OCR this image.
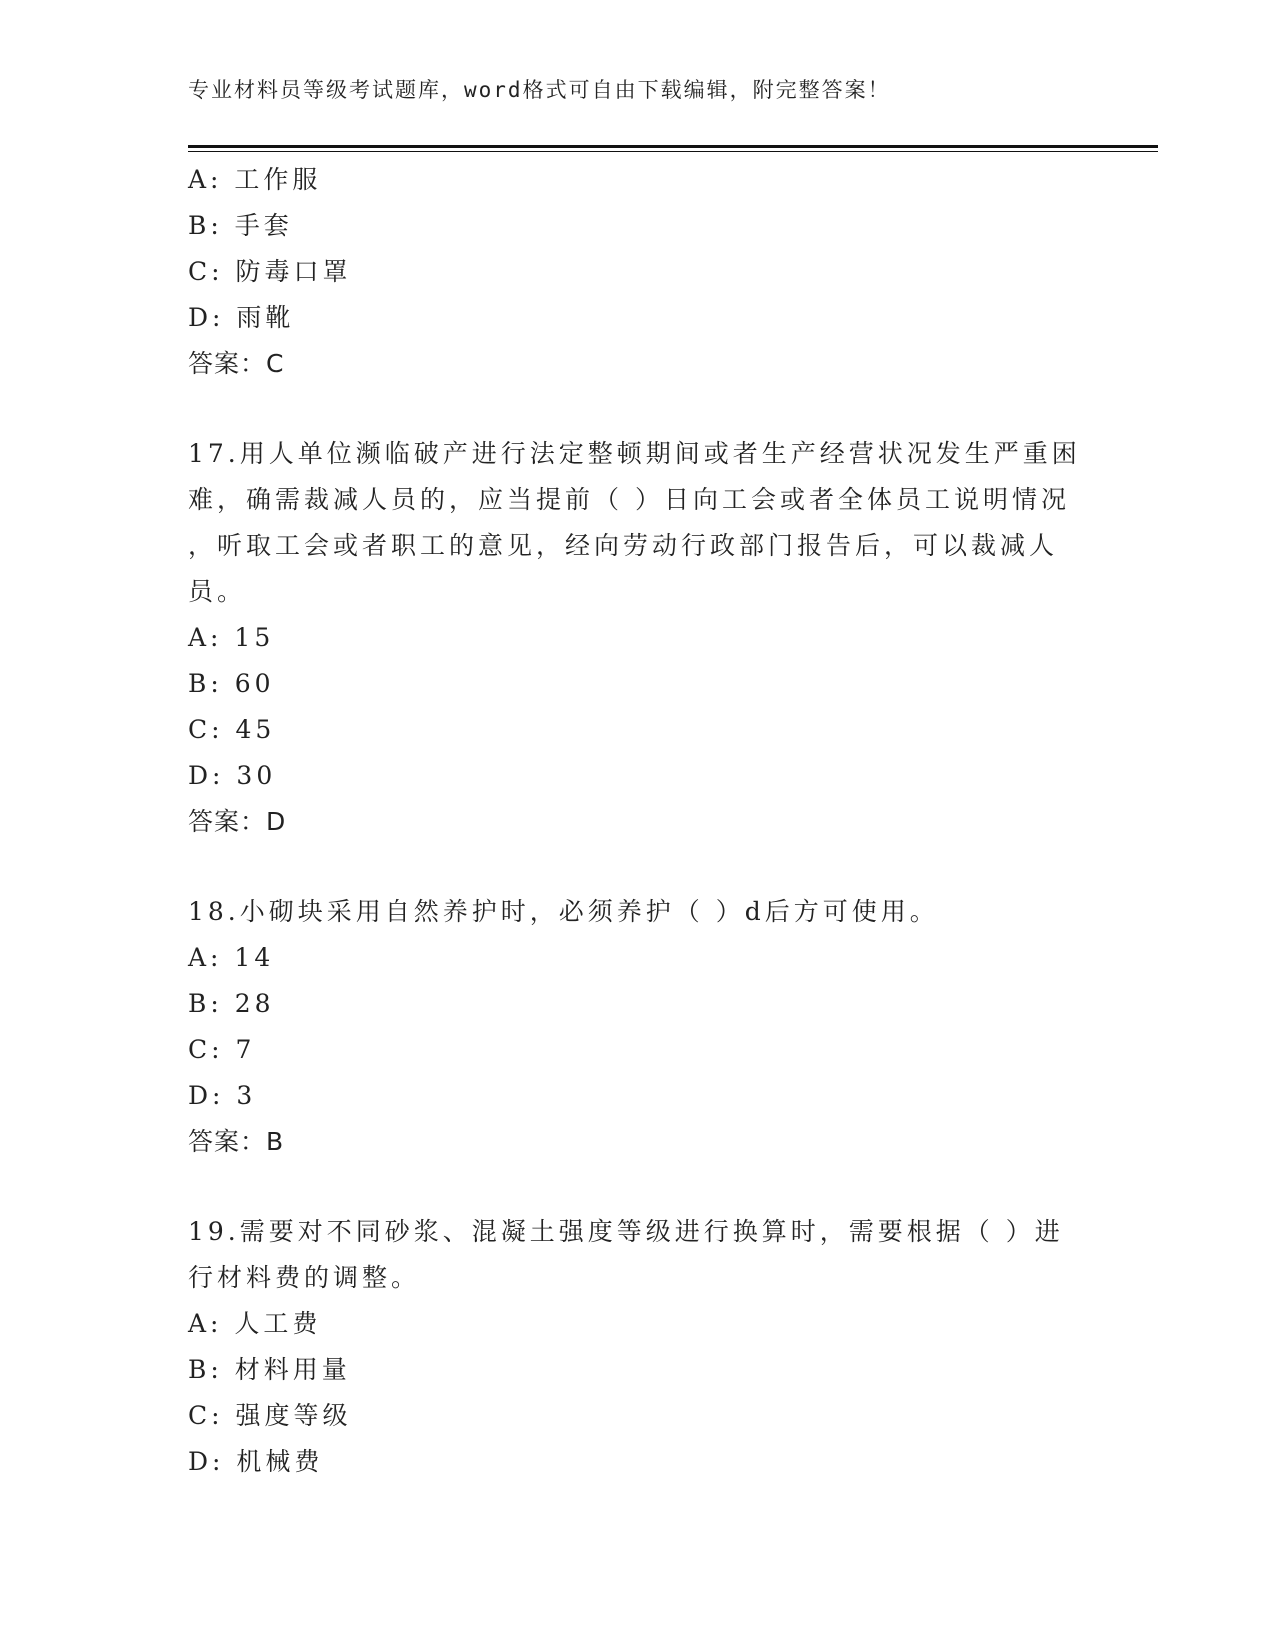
专业材料员等级考试题库，word格式可自由下载编辑，附完整答案！
A: 工作服
B: 手套
C: 防毒口罩
D: 雨靴
答案：C
17.用人单位濒临破产进行法定整顿期间或者生产经营状况发生严重困
难，确需裁减人员的，应当提前（ ）日向工会或者全体员工说明情况
，听取工会或者职工的意见，经向劳动行政部门报告后，可以裁减人
员。
A: 15
B: 60
C: 45
D: 30
答案：D
18.小砌块采用自然养护时，必须养护（ ）d后方可使用。
A: 14
B: 28
C: 7
D: 3
答案：B
19.需要对不同砂浆、混凝土强度等级进行换算时，需要根据（ ）进
行材料费的调整。
A: 人工费
B: 材料用量
C: 强度等级
D: 机械费
